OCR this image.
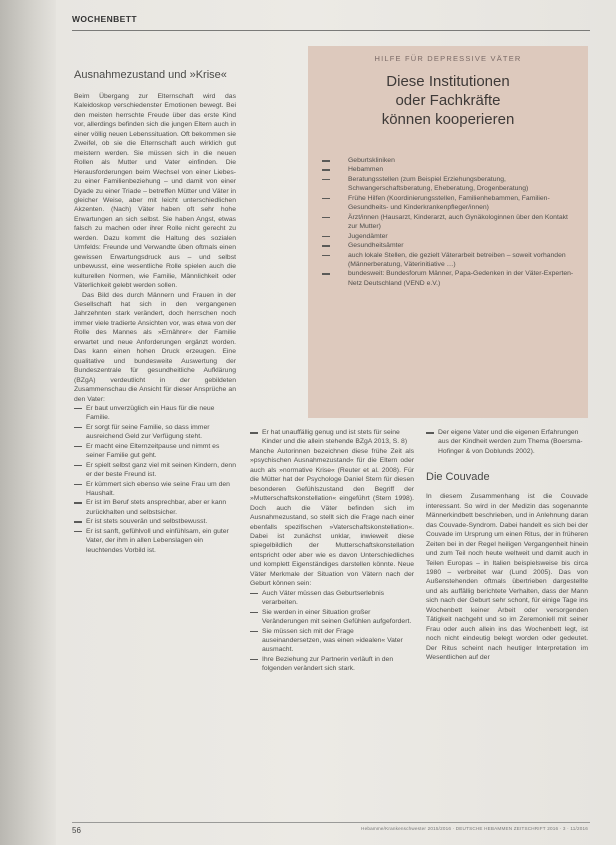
WOCHENBETT
Ausnahmezustand und »Krise«

Beim Übergang zur Elternschaft wird das Kaleidoskop verschiedenster Emotionen bewegt. Bei den meisten herrschte Freude über das erste Kind vor, allerdings befinden sich die jungen Eltern auch in einer völlig neuen Lebenssituation. Oft bekommen sie Zweifel, ob sie die Elternschaft auch wirklich gut meistern werden. Sie müssen sich in die neuen Rollen als Mutter und Vater einfinden. Die Herausforderungen beim Wechsel von einer Liebes- zu einer Familienbeziehung – und damit von einer Dyade zu einer Triade – betreffen Mütter und Väter in gleicher Weise, aber mit leicht unterschiedlichen Akzenten. (Nach) Väter haben oft sehr hohe Erwartungen an sich selbst. Sie haben Angst, etwas falsch zu machen oder ihrer Rolle nicht gerecht zu werden. Dazu kommt die Haltung des sozialen Umfelds: Freunde und Verwandte üben oftmals einen gewissen Erwartungsdruck aus – und selbst unbewusst, eine wesentliche Rolle spielen auch die kulturellen Normen, wie Familie, Männlichkeit oder Väterlichkeit gelebt werden sollen.

Das Bild des durch Männern und Frauen in der Gesellschaft hat sich in den vergangenen Jahrzehnten stark verändert, doch herrschen noch immer viele tradierte Ansichten vor, was etwa von der Rolle des Mannes als »Ernährer« der Familie erwartet und neue Anforderungen ergänzt worden. Das kann einen hohen Druck erzeugen. Eine qualitative und bundesweite Auswertung der Bundeszentrale für gesundheitliche Aufklärung (BZgA) verdeutlicht in der gebildeten Zusammenschau die Ansicht für dieser Ansprüche an den Vater:

Er baut unverzüglich ein Haus für die neue Familie.
Er sorgt für seine Familie, so dass immer ausreichend Geld zur Verfügung steht.
Er macht eine Elternzeitpause und nimmt es seiner Familie gut geht.
Er spielt selbst ganz viel mit seinen Kindern, denn er der beste Freund ist.
Er kümmert sich ebenso wie seine Frau um den Haushalt.
Er ist im Beruf stets ansprechbar, aber er kann zurückhalten und selbstsicher.
Er ist stets souverän und selbstbewusst.
Er ist sanft, gefühlvoll und einfühlsam, ein guter Vater, der ihm in allen Lebenslagen ein leuchtendes Vorbild ist.
HILFE FÜR DEPRESSIVE VÄTER
Diese Institutionen
oder Fachkräfte
können kooperieren
Geburtskliniken
Hebammen
Beratungsstellen (zum Beispiel Erziehungsberatung, Schwangerschaftsberatung, Eheberatung, Drogenberatung)
Frühe Hilfen (Koordinierungsstellen, Familienhebammen, Familien-Gesundheits- und Kinderkrankenpfleger/innen)
Ärzt/innen (Hausarzt, Kinderarzt, auch Gynäkologinnen über den Kontakt zur Mutter)
Jugendämter
Gesundheitsämter
auch lokale Stellen, die gezielt Väterarbeit betreiben – soweit vorhanden (Männerberatung, Väterinitiative …)
bundesweit: Bundesforum Männer, Papa-Gedenken in der Väter-Experten-Netz Deutschland (VEND e.V.)
Er hat unauffällig genug und ist stets für seine Kinder und die allein stehende BZgA 2013, S. 8)

Manche Autorinnen bezeichnen diese frühe Zeit als »psychischen Ausnahmezustand« für die Eltern oder auch als »normative Krise« (Reuter et al. 2008). Für die Mütter hat der Psychologe Daniel Stern für diesen besonderen Gefühlszustand den Begriff der »Mutterschaftskonstellation« eingeführt (Stern 1998). Doch auch die Väter befinden sich im Ausnahmezustand, so stellt sich die Frage nach einer ebenfalls spezifischen »Vaterschaftskonstellation«. Dabei ist zunächst unklar, inwieweit diese spiegelbildlich der Mutterschaftskonstellation entspricht oder aber wie es davon Unterschiedliches und komplett Eigenständiges darstellen könnte. Neue Väter Merkmale der Situation von Vätern nach der Geburt können sein:

Auch Väter müssen das Geburtserlebnis verarbeiten.
Sie werden in einer Situation großer Veränderungen mit seinen Gefühlen aufgefordert.
Sie müssen sich mit der Frage auseinandersetzen, was einen »idealen« Vater ausmacht.
Ihre Beziehung zur Partnerin verläuft in den folgenden verändert sich stark.
Der eigene Vater und die eigenen Erfahrungen aus der Kindheit werden zum Thema (Boersma-Hofinger & von Doblunds 2002).
Die Couvade

In diesem Zusammenhang ist die Couvade interessant. So wird in der Medizin das sogenannte Männerkindbett beschrieben, und in Anlehnung daran das Couvade-Syndrom. Dabei handelt es sich bei der Couvade im Ursprung um einen Ritus, der in früheren Zeiten bei in der Regel heiligen Vergangenheit hinein und zum Teil noch heute weltweit und damit auch in Teilen Europas – in Italien beispielsweise bis circa 1980 – verbreitet war (Lund 2005). Das von Außenstehenden oftmals übertrieben dargestellte und als auffällig berichtete Verhalten, dass der Mann sich nach der Geburt sehr schont, für einige Tage ins Wochenbett keiner Arbeit oder versorgenden Tätigkeit nachgeht und so im Zeremoniell mit seiner Frau oder auch allein ins das Wochenbett legt, ist noch nicht eindeutig belegt worden oder gedeutet. Der Ritus scheint nach heutiger Interpretation im Wesentlichen auf der

56	Hebamme/Krankenschwester 2015/2016 · DEUTSCHE HEBAMMEN ZEITSCHRIFT 2016 · 3 · 11/2016
